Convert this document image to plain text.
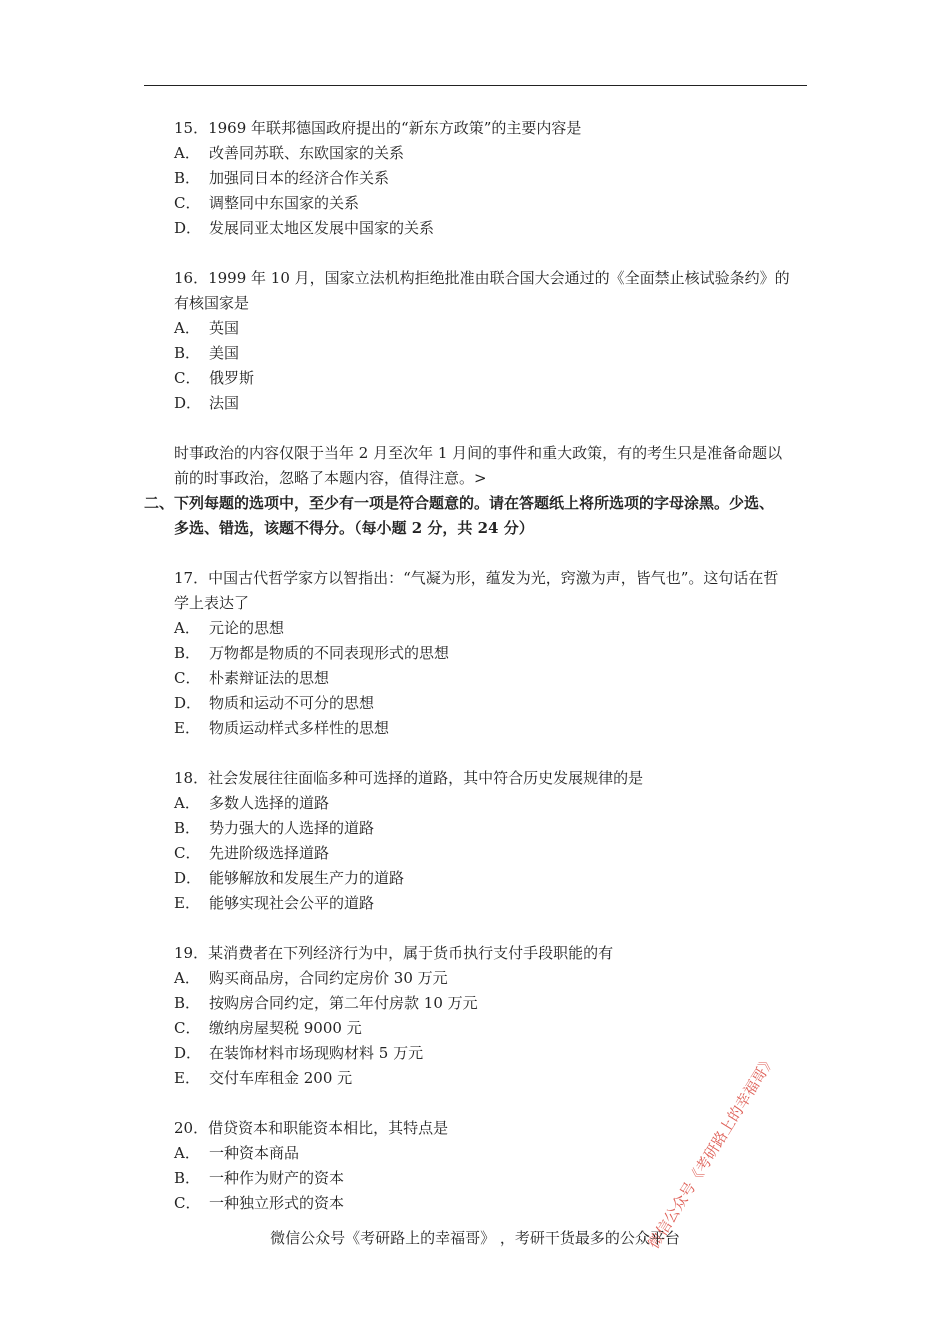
15．1969 年联邦德国政府提出的“新东方政策”的主要内容是
A． 改善同苏联、东欧国家的关系
B． 加强同日本的经济合作关系
C． 调整同中东国家的关系
D． 发展同亚太地区发展中国家的关系
16．1999 年 10 月，国家立法机构拒绝批准由联合国大会通过的《全面禁止核试验条约》的
有核国家是
A． 英国
B． 美国
C． 俄罗斯
D． 法国
时事政治的内容仅限于当年 2 月至次年 1 月间的事件和重大政策，有的考生只是准备命题以
前的时事政治，忽略了本题内容，值得注意。>
二、下列每题的选项中，至少有一项是符合题意的。请在答题纸上将所选项的字母涂黑。少选、
多选、错选，该题不得分。（每小题 2 分，共 24 分）
17．中国古代哲学家方以智指出：“气凝为形，蕴发为光，窍激为声，皆气也”。这句话在哲
学上表达了
A． 元论的思想
B． 万物都是物质的不同表现形式的思想
C． 朴素辩证法的思想
D． 物质和运动不可分的思想
E． 物质运动样式多样性的思想
18．社会发展往往面临多种可选择的道路，其中符合历史发展规律的是
A． 多数人选择的道路
B． 势力强大的人选择的道路
C． 先进阶级选择道路
D． 能够解放和发展生产力的道路
E． 能够实现社会公平的道路
19．某消费者在下列经济行为中，属于货币执行支付手段职能的有
A． 购买商品房，合同约定房价 30 万元
B． 按购房合同约定，第二年付房款 10 万元
C． 缴纳房屋契税 9000 元
D． 在装饰材料市场现购材料 5 万元
E． 交付车库租金 200 元
20．借贷资本和职能资本相比，其特点是
A． 一种资本商品
B． 一种作为财产的资本
C． 一种独立形式的资本	微信公众号《考研路上的幸福哥》
微信公众号《考研路上的幸福哥》 ，考研干货最多的公众平台
